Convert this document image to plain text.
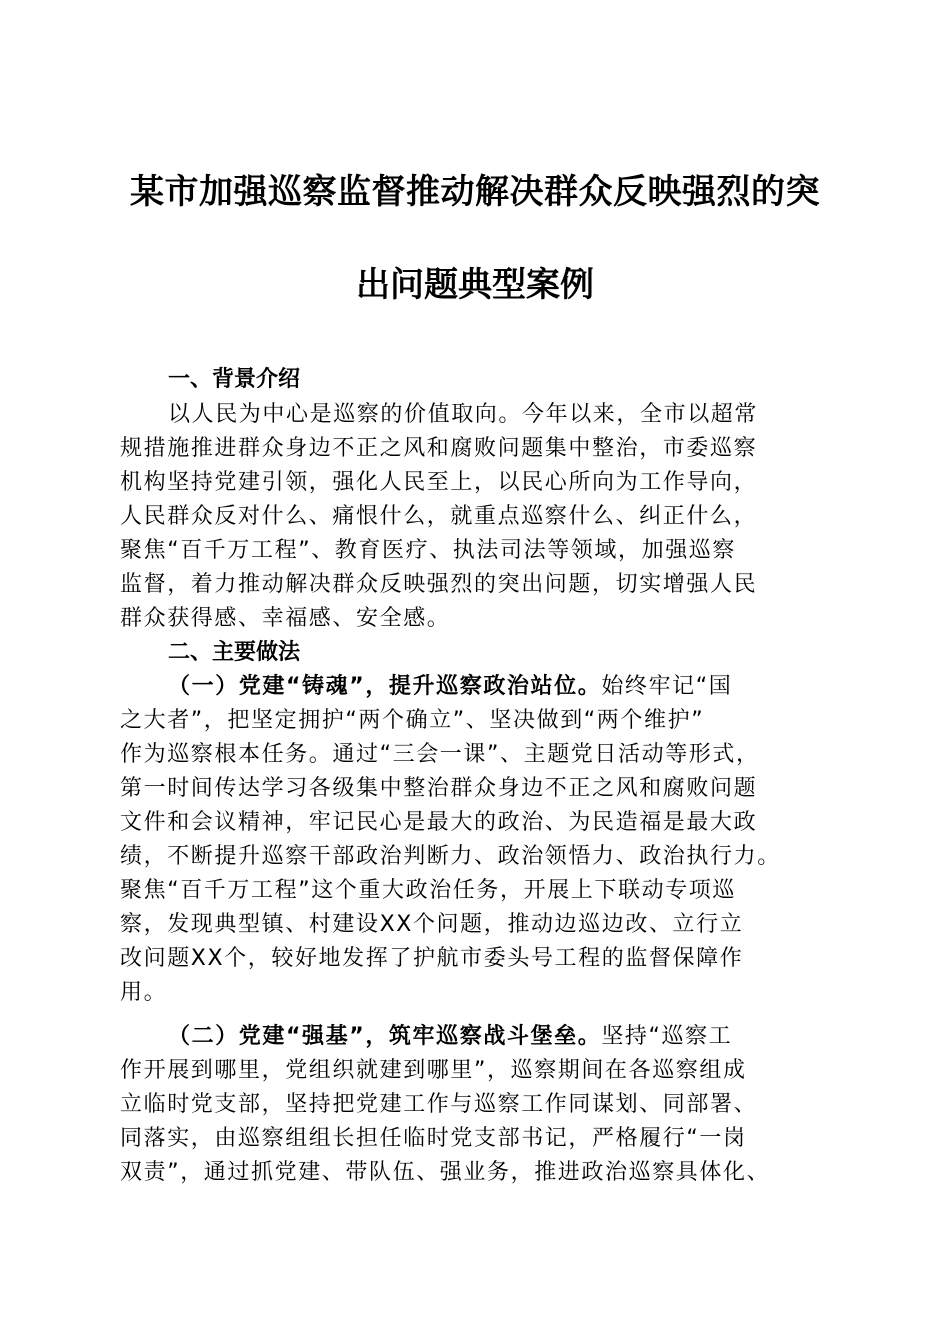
某市加强巡察监督推动解决群众反映强烈的突
出问题典型案例
一、背景介绍
以人民为中心是巡察的价值取向。今年以来，全市以超常
规措施推进群众身边不正之风和腐败问题集中整治，市委巡察
机构坚持党建引领，强化人民至上，以民心所向为工作导向，
人民群众反对什么、痛恨什么，就重点巡察什么、纠正什么，
聚焦“百千万工程”、教育医疗、执法司法等领域，加强巡察
监督，着力推动解决群众反映强烈的突出问题，切实增强人民
群众获得感、幸福感、安全感。
二、主要做法
（一）党建“铸魂”，提升巡察政治站位。始终牢记“国
之大者”，把坚定拥护“两个确立”、坚决做到“两个维护”
作为巡察根本任务。通过“三会一课”、主题党日活动等形式，
第一时间传达学习各级集中整治群众身边不正之风和腐败问题
文件和会议精神，牢记民心是最大的政治、为民造福是最大政
绩，不断提升巡察干部政治判断力、政治领悟力、政治执行力。
聚焦“百千万工程”这个重大政治任务，开展上下联动专项巡
察，发现典型镇、村建设XX个问题，推动边巡边改、立行立
改问题XX个，较好地发挥了护航市委头号工程的监督保障作
用。
（二）党建“强基”，筑牢巡察战斗堡垒。坚持“巡察工
作开展到哪里，党组织就建到哪里”，巡察期间在各巡察组成
立临时党支部，坚持把党建工作与巡察工作同谋划、同部署、
同落实，由巡察组组长担任临时党支部书记，严格履行“一岗
双责”，通过抓党建、带队伍、强业务，推进政治巡察具体化、
